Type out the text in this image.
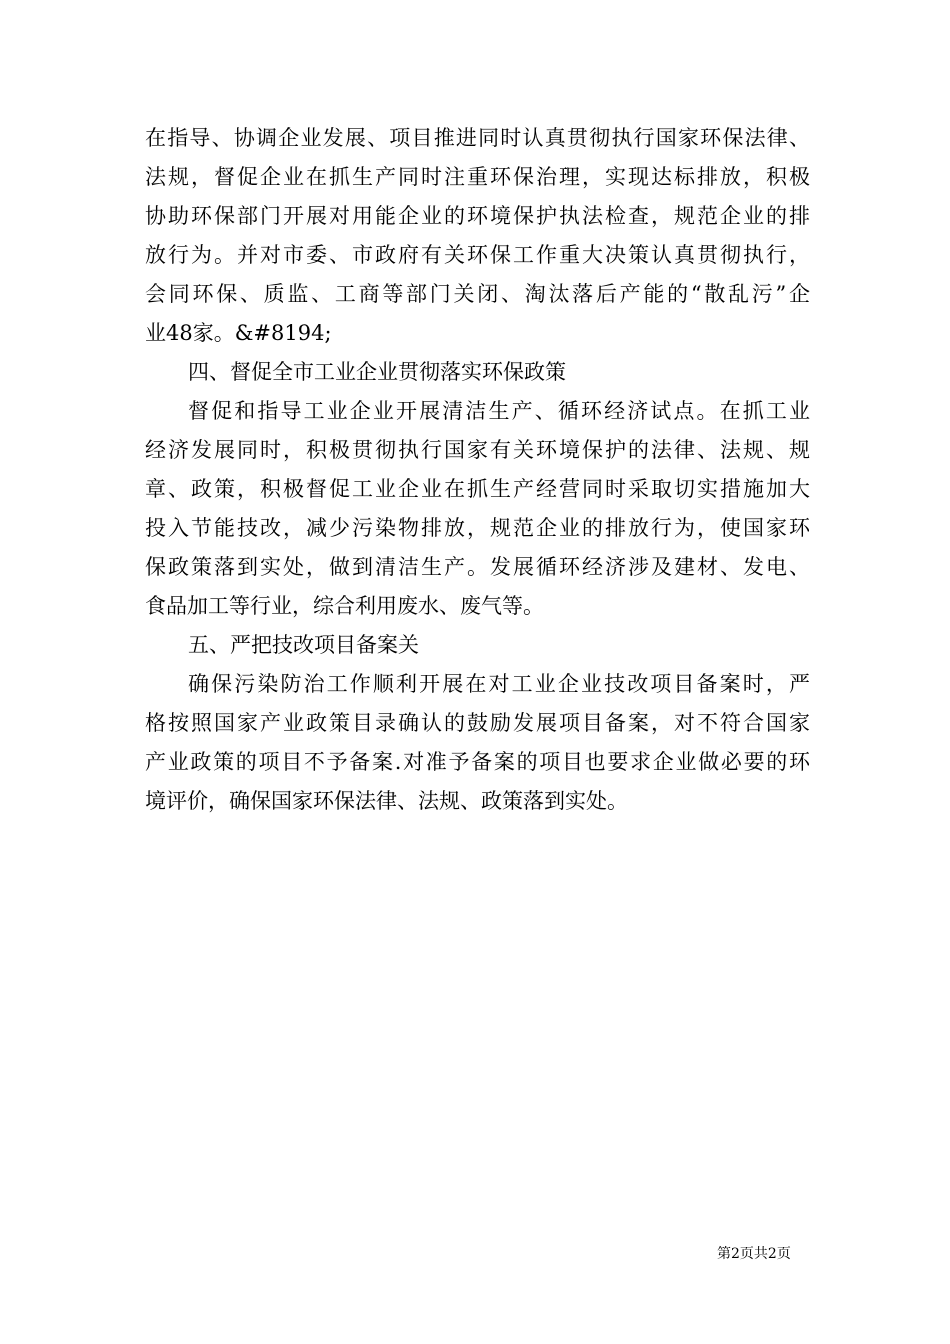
在指导、协调企业发展、项目推进同时认真贯彻执行国家环保法律、
法规，督促企业在抓生产同时注重环保治理，实现达标排放，积极
协助环保部门开展对用能企业的环境保护执法检查，规范企业的排
放行为。并对市委、市政府有关环保工作重大决策认真贯彻执行，
会同环保、质监、工商等部门关闭、淘汰落后产能的“散乱污”企
业48家。&#8194;
四、督促全市工业企业贯彻落实环保政策
督促和指导工业企业开展清洁生产、循环经济试点。在抓工业
经济发展同时，积极贯彻执行国家有关环境保护的法律、法规、规
章、政策，积极督促工业企业在抓生产经营同时采取切实措施加大
投入节能技改，减少污染物排放，规范企业的排放行为，使国家环
保政策落到实处，做到清洁生产。发展循环经济涉及建材、发电、
食品加工等行业，综合利用废水、废气等。
五、严把技改项目备案关
确保污染防治工作顺利开展在对工业企业技改项目备案时，严
格按照国家产业政策目录确认的鼓励发展项目备案，对不符合国家
产业政策的项目不予备案.对准予备案的项目也要求企业做必要的环
境评价，确保国家环保法律、法规、政策落到实处。
第2页共2页
